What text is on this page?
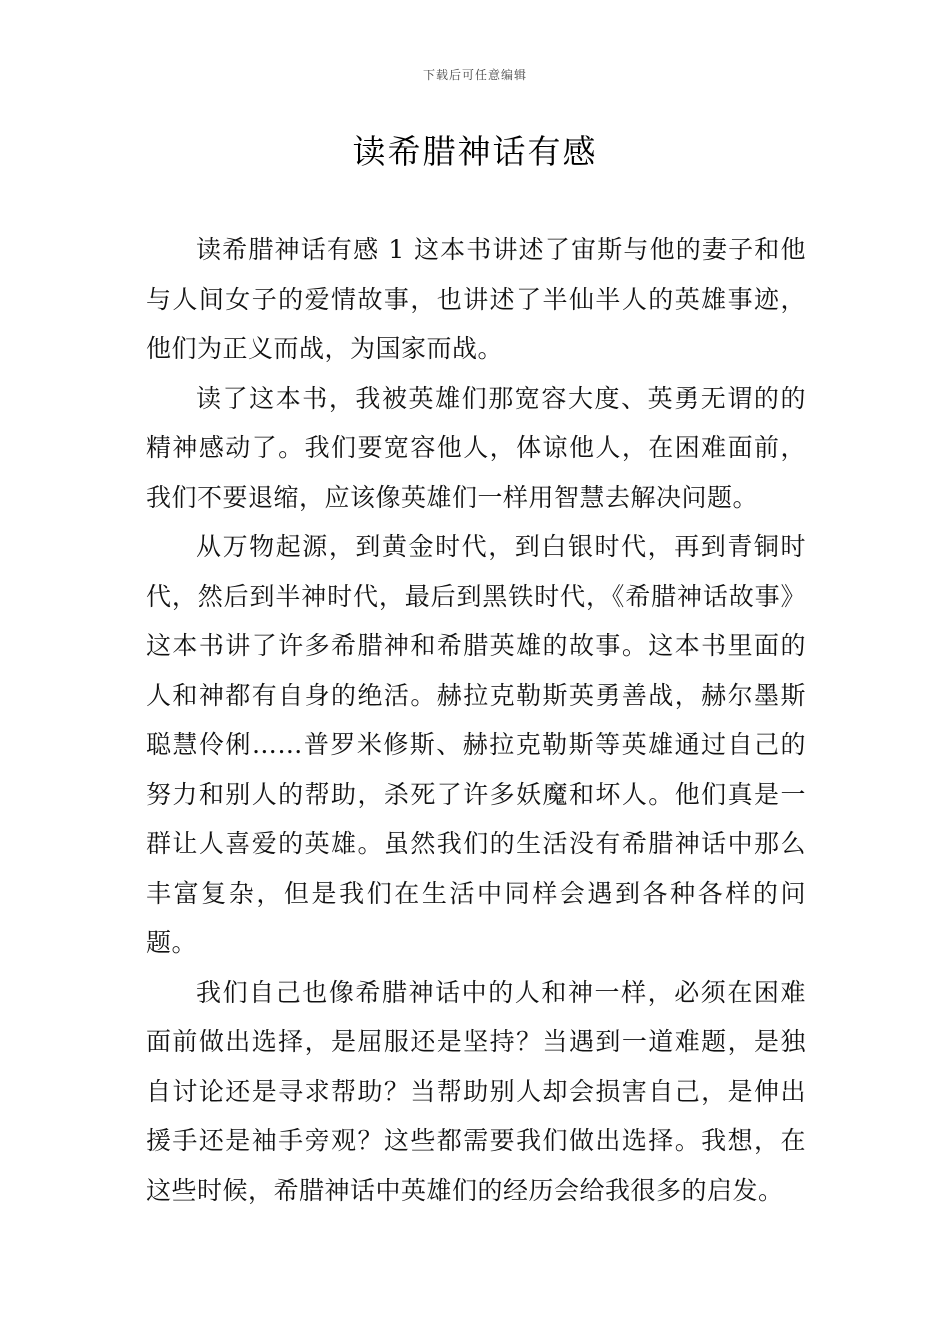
下载后可任意编辑
读希腊神话有感

读希腊神话有感 1 这本书讲述了宙斯与他的妻子和他与人间女子的爱情故事，也讲述了半仙半人的英雄事迹，他们为正义而战，为国家而战。

读了这本书，我被英雄们那宽容大度、英勇无谓的的精神感动了。我们要宽容他人，体谅他人，在困难面前，我们不要退缩，应该像英雄们一样用智慧去解决问题。

从万物起源，到黄金时代，到白银时代，再到青铜时代，然后到半神时代，最后到黑铁时代，《希腊神话故事》这本书讲了许多希腊神和希腊英雄的故事。这本书里面的人和神都有自身的绝活。赫拉克勒斯英勇善战，赫尔墨斯聪慧伶俐……普罗米修斯、赫拉克勒斯等英雄通过自己的努力和别人的帮助，杀死了许多妖魔和坏人。他们真是一群让人喜爱的英雄。虽然我们的生活没有希腊神话中那么丰富复杂，但是我们在生活中同样会遇到各种各样的问题。

我们自己也像希腊神话中的人和神一样，必须在困难面前做出选择，是屈服还是坚持？当遇到一道难题，是独自讨论还是寻求帮助？当帮助别人却会损害自己，是伸出援手还是袖手旁观？这些都需要我们做出选择。我想，在这些时候，希腊神话中英雄们的经历会给我很多的启发。
